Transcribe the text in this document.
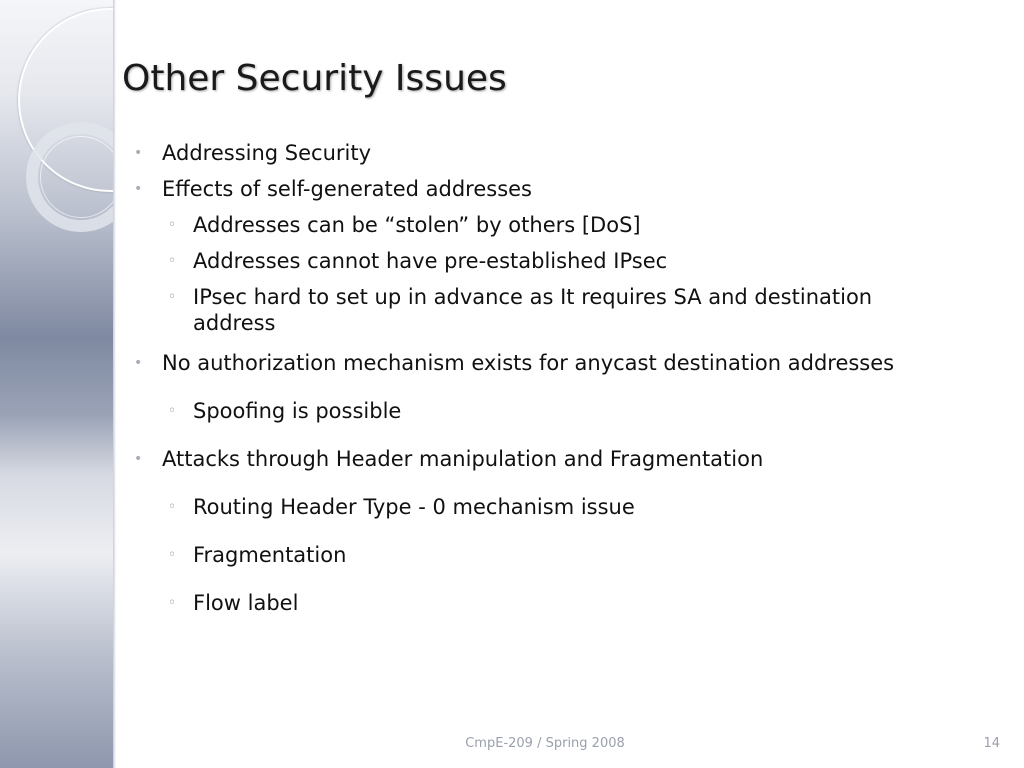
Other Security Issues
• Addressing Security
• Effects of self-generated addresses
◦ Addresses can be “stolen” by others [DoS]
◦ Addresses cannot have pre-established IPsec
◦ IPsec hard to set up in advance as It requires SA and destination address
• No authorization mechanism exists for anycast destination addresses
◦ Spoofing is possible
• Attacks through Header manipulation and Fragmentation
◦ Routing Header Type - 0 mechanism issue
◦ Fragmentation
◦ Flow label
CmpE-209 / Spring 2008	14
